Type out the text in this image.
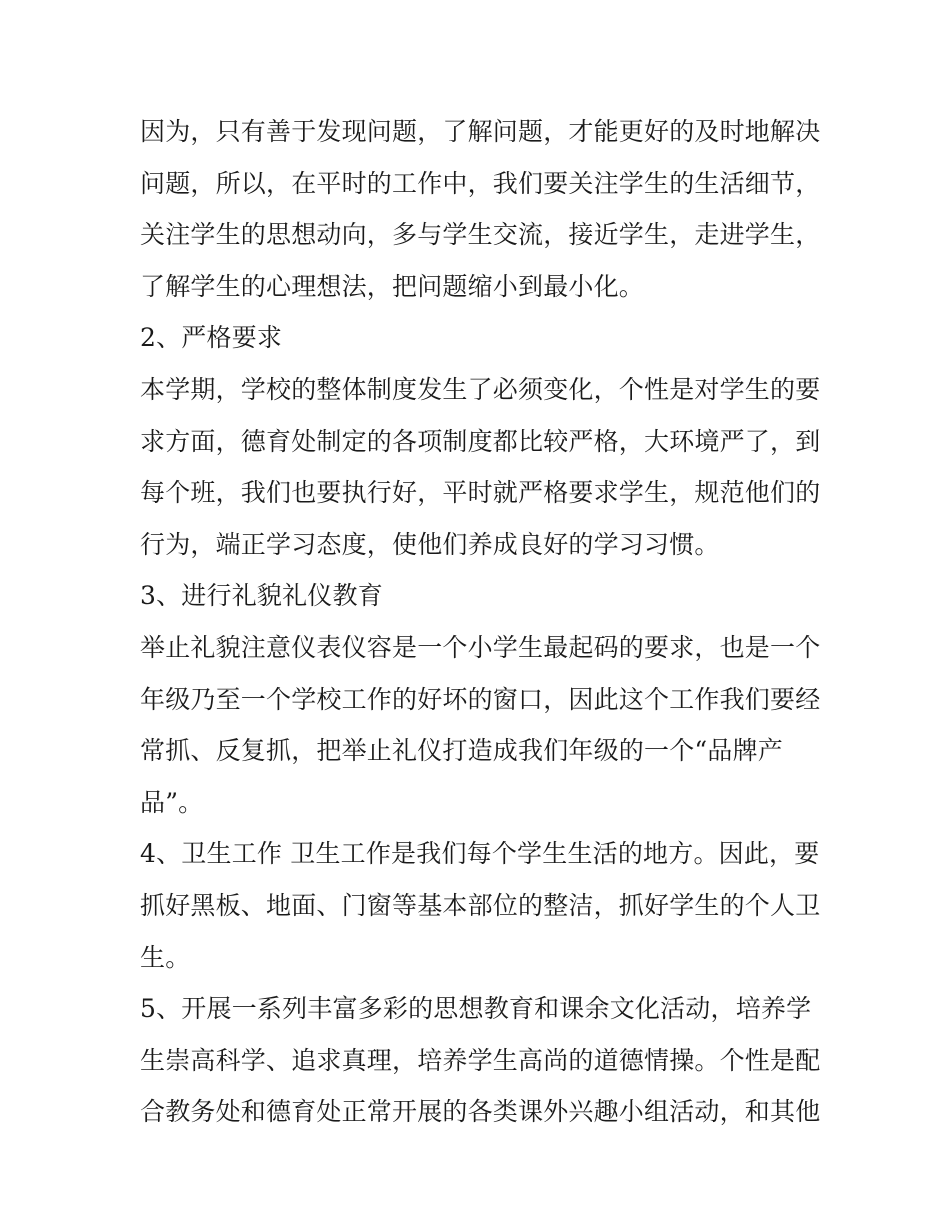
因为，只有善于发现问题，了解问题，才能更好的及时地解决
问题，所以，在平时的工作中，我们要关注学生的生活细节，
关注学生的思想动向，多与学生交流，接近学生，走进学生，
了解学生的心理想法，把问题缩小到最小化。
2、严格要求
本学期，学校的整体制度发生了必须变化，个性是对学生的要
求方面，德育处制定的各项制度都比较严格，大环境严了，到
每个班，我们也要执行好，平时就严格要求学生，规范他们的
行为，端正学习态度，使他们养成良好的学习习惯。
3、进行礼貌礼仪教育
举止礼貌注意仪表仪容是一个小学生最起码的要求，也是一个
年级乃至一个学校工作的好坏的窗口，因此这个工作我们要经
常抓、反复抓，把举止礼仪打造成我们年级的一个“品牌产
品”。
4、卫生工作 卫生工作是我们每个学生生活的地方。因此，要
抓好黑板、地面、门窗等基本部位的整洁，抓好学生的个人卫
生。
5、开展一系列丰富多彩的思想教育和课余文化活动，培养学
生崇高科学、追求真理，培养学生高尚的道德情操。个性是配
合教务处和德育处正常开展的各类课外兴趣小组活动，和其他
